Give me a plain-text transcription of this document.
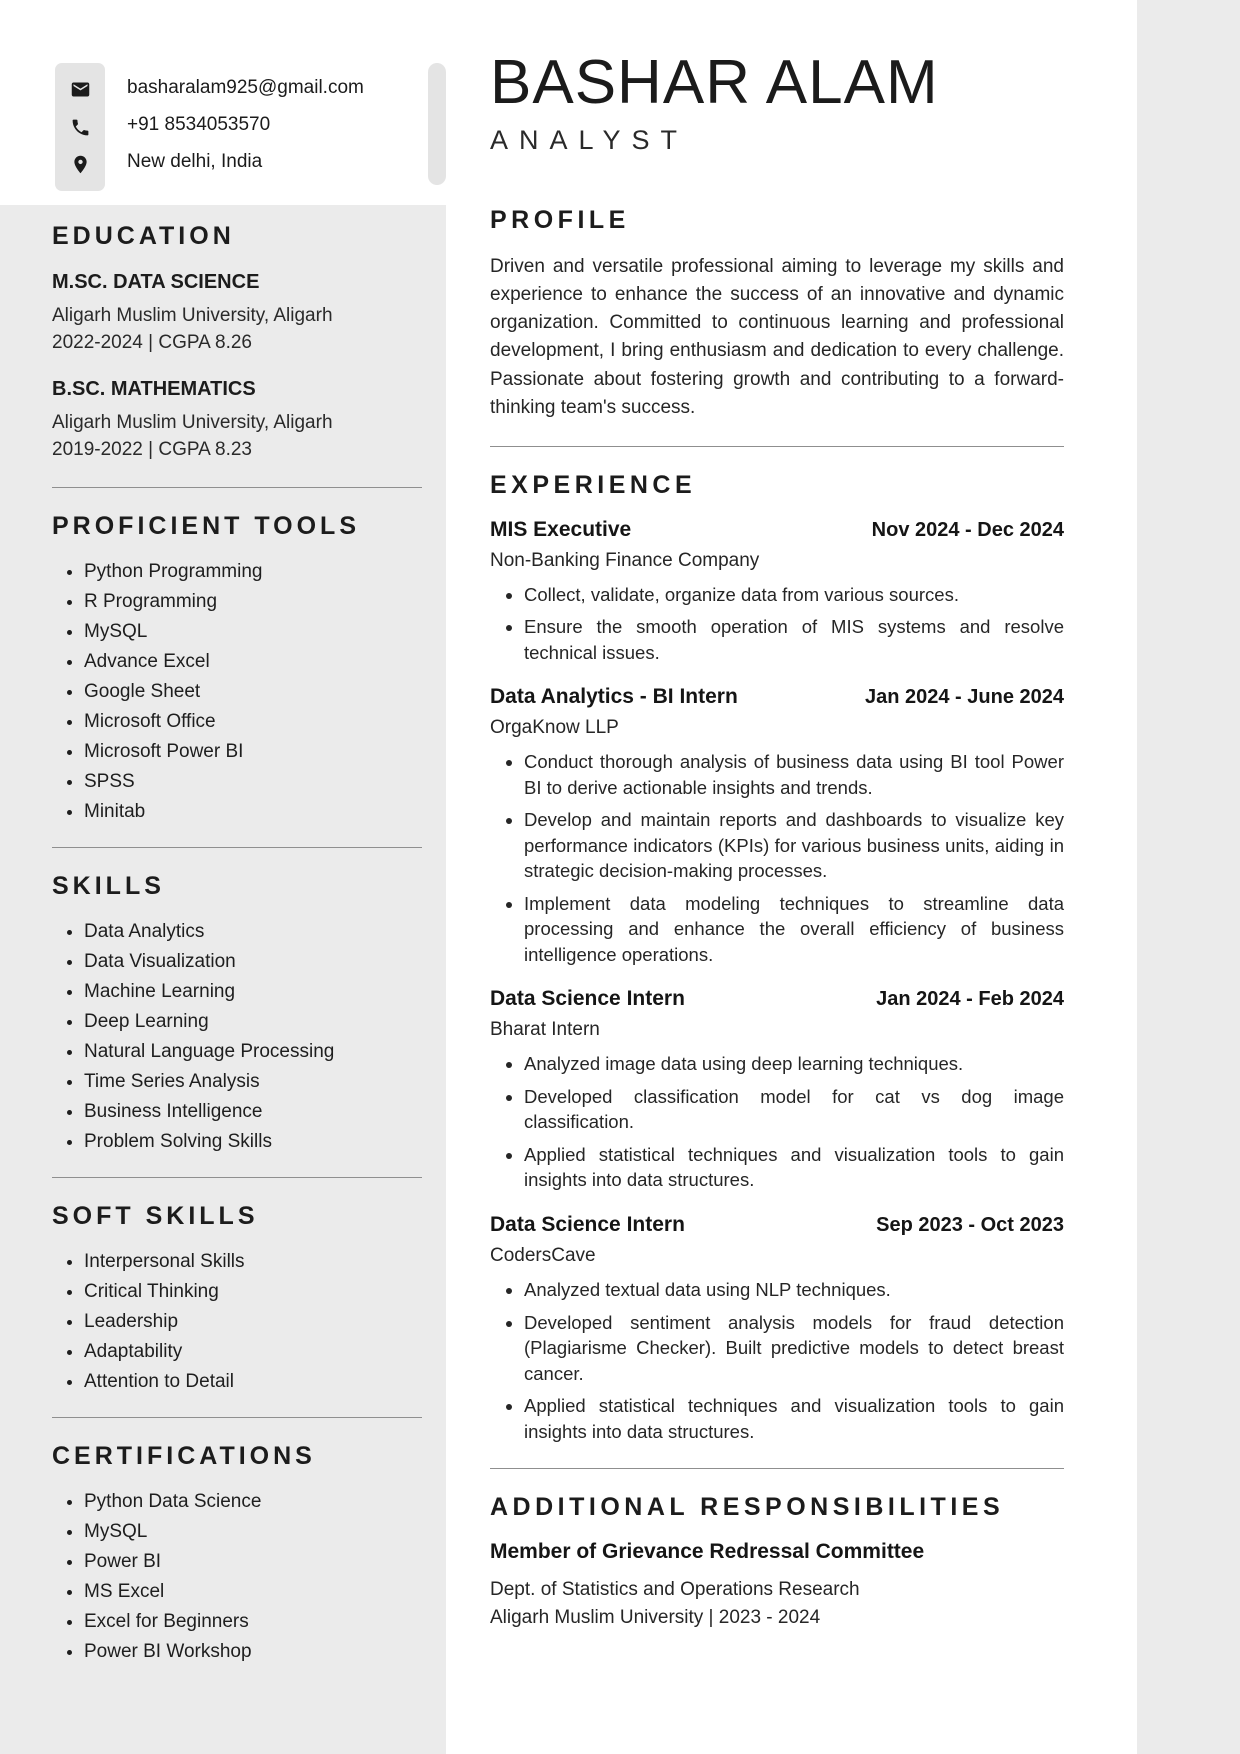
basharalam925@gmail.com
+91 8534053570
New delhi, India
EDUCATION
M.SC. DATA SCIENCE

Aligarh Muslim University, Aligarh

2022-2024 | CGPA 8.26

B.SC. MATHEMATICS

Aligarh Muslim University, Aligarh

2019-2022 | CGPA 8.23

PROFICIENT TOOLS
• Python Programming
• R Programming
• MySQL
• Advance Excel
• Google Sheet
• Microsoft Office
• Microsoft Power BI
• SPSS
• Minitab
SKILLS
• Data Analytics
• Data Visualization
• Machine Learning
• Deep Learning
• Natural Language Processing
• Time Series Analysis
• Business Intelligence
• Problem Solving Skills
SOFT SKILLS
• Interpersonal Skills
• Critical Thinking
• Leadership
• Adaptability
• Attention to Detail
CERTIFICATIONS
• Python Data Science
• MySQL
• Power BI
• MS Excel
• Excel for Beginners
• Power BI Workshop
BASHAR ALAM
ANALYST
PROFILE

Driven and versatile professional aiming to leverage my skills and experience to enhance the success of an innovative and dynamic organization. Committed to continuous learning and professional development, I bring enthusiasm and dedication to every challenge. Passionate about fostering growth and contributing to a forward-thinking team's success.

EXPERIENCE
MIS Executive	Nov 2024 - Dec 2024
Non-Banking Finance Company
• Collect, validate, organize data from various sources.
• Ensure the smooth operation of MIS systems and resolve technical issues.
Data Analytics - BI Intern	Jan 2024 - June 2024
OrgaKnow LLP
• Conduct thorough analysis of business data using BI tool Power BI to derive actionable insights and trends.
• Develop and maintain reports and dashboards to visualize key performance indicators (KPIs) for various business units, aiding in strategic decision-making processes.
• Implement data modeling techniques to streamline data processing and enhance the overall efficiency of business intelligence operations.
Data Science Intern	Jan 2024 - Feb 2024
Bharat Intern
• Analyzed image data using deep learning techniques.
• Developed classification model for cat vs dog image classification.
• Applied statistical techniques and visualization tools to gain insights into data structures.
Data Science Intern	Sep 2023 - Oct 2023
CodersCave
• Analyzed textual data using NLP techniques.
• Developed sentiment analysis models for fraud detection (Plagiarisme Checker). Built predictive models to detect breast cancer.
• Applied statistical techniques and visualization tools to gain insights into data structures.
ADDITIONAL RESPONSIBILITIES
Member of Grievance Redressal Committee

Dept. of Statistics and Operations Research

Aligarh Muslim University | 2023 - 2024
